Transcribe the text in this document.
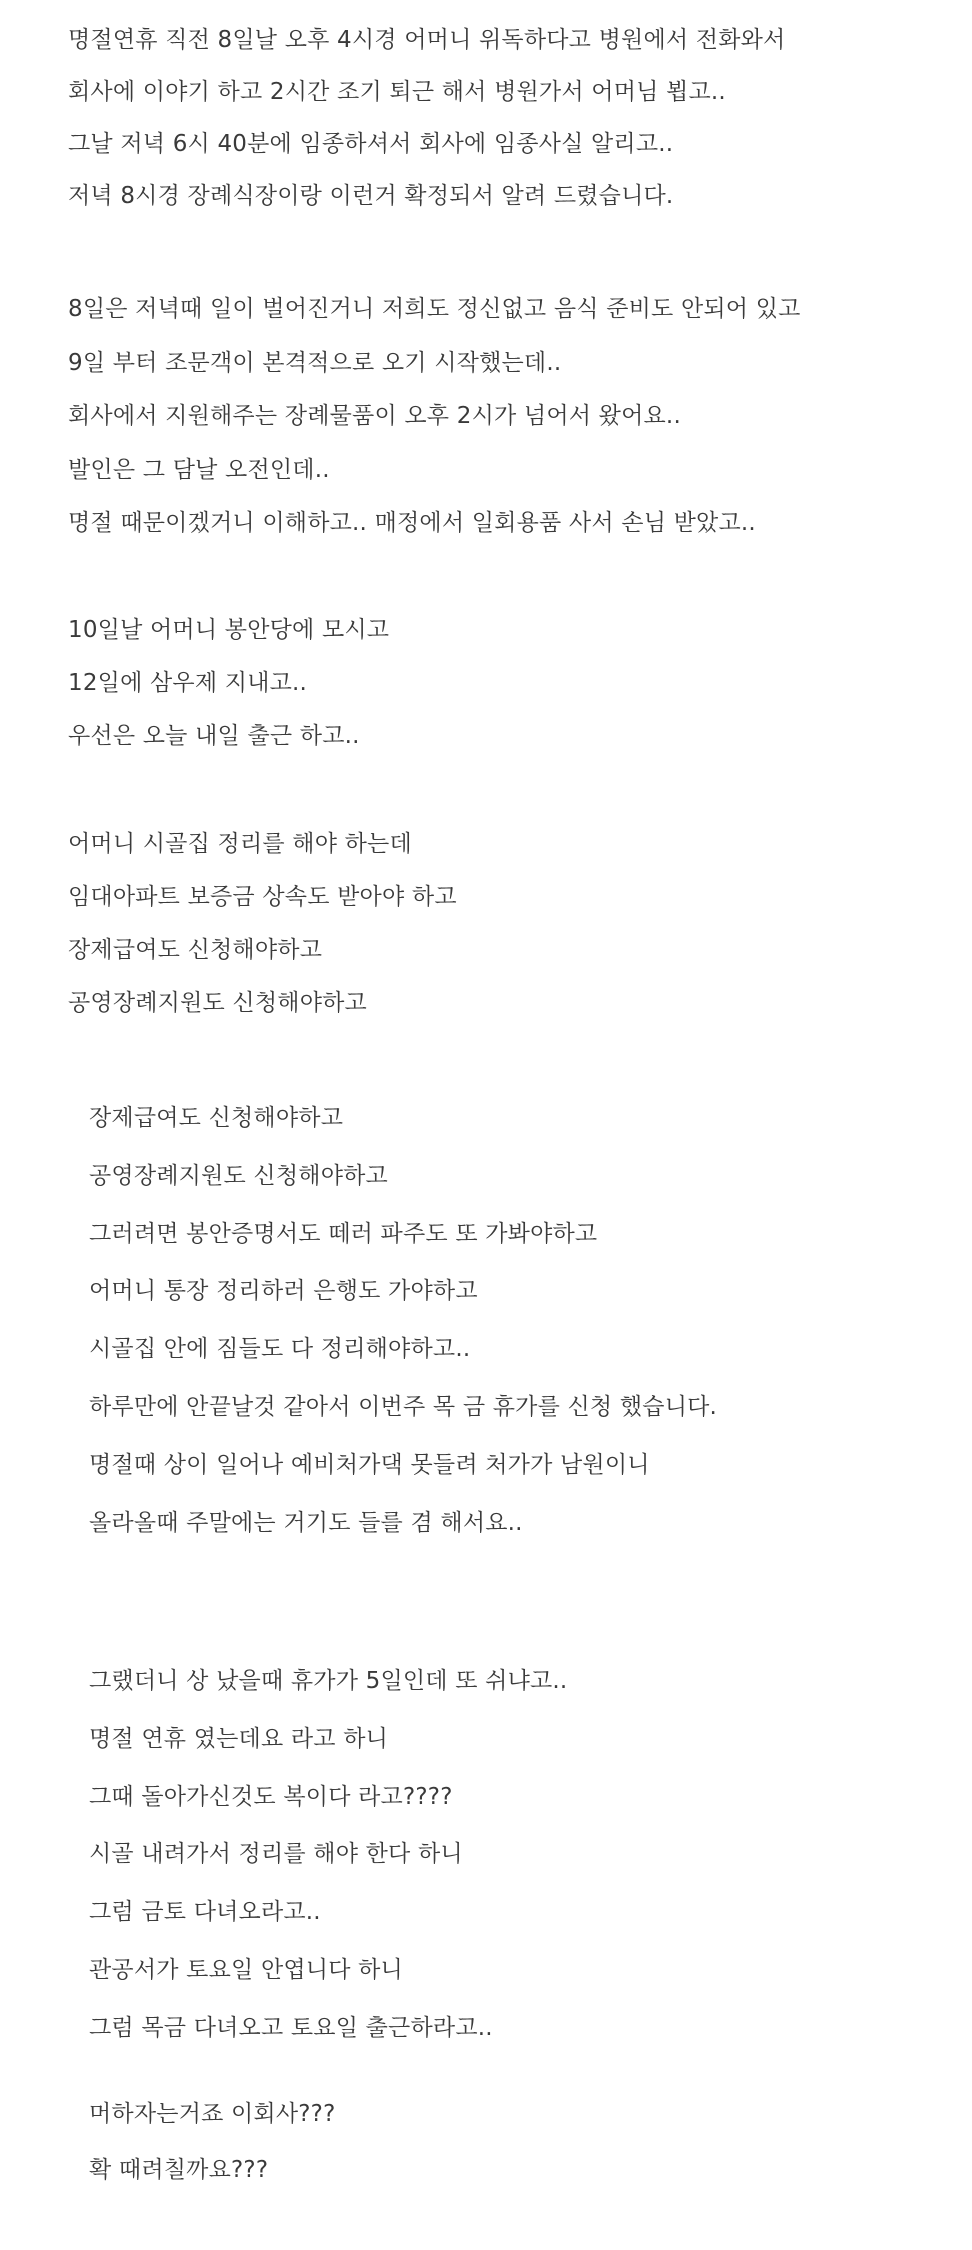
명절연휴 직전 8일날 오후 4시경 어머니 위독하다고 병원에서 전화와서

회사에 이야기 하고 2시간 조기 퇴근 해서 병원가서 어머님 뵙고..

그날 저녁 6시 40분에 임종하셔서 회사에 임종사실 알리고..

저녁 8시경 장례식장이랑 이런거 확정되서 알려 드렸습니다.

8일은 저녁때 일이 벌어진거니 저희도 정신없고 음식 준비도 안되어 있고

9일 부터 조문객이 본격적으로 오기 시작했는데..

회사에서 지원해주는 장례물품이 오후 2시가 넘어서 왔어요..

발인은 그 담날 오전인데..

명절 때문이겠거니 이해하고.. 매정에서 일회용품 사서 손님 받았고..

10일날 어머니 봉안당에 모시고

12일에 삼우제 지내고..

우선은 오늘 내일 출근 하고..

어머니 시골집 정리를 해야 하는데

임대아파트 보증금 상속도 받아야 하고

장제급여도 신청해야하고

공영장례지원도 신청해야하고

장제급여도 신청해야하고

공영장례지원도 신청해야하고

그러려면 봉안증명서도 떼러 파주도 또 가봐야하고

어머니 통장 정리하러 은행도 가야하고

시골집 안에 짐들도 다 정리해야하고..

하루만에 안끝날것 같아서 이번주 목 금 휴가를 신청 했습니다.

명절때 상이 일어나 예비처가댁 못들려 처가가 남원이니

올라올때 주말에는 거기도 들를 겸 해서요..

그랬더니 상 났을때 휴가가 5일인데 또 쉬냐고..

명절 연휴 였는데요 라고 하니

그때 돌아가신것도 복이다 라고????

시골 내려가서 정리를 해야 한다 하니

그럼 금토 다녀오라고..

관공서가 토요일 안엽니다 하니

그럼 목금 다녀오고 토요일 출근하라고..

머하자는거죠 이회사???

확 때려칠까요???
